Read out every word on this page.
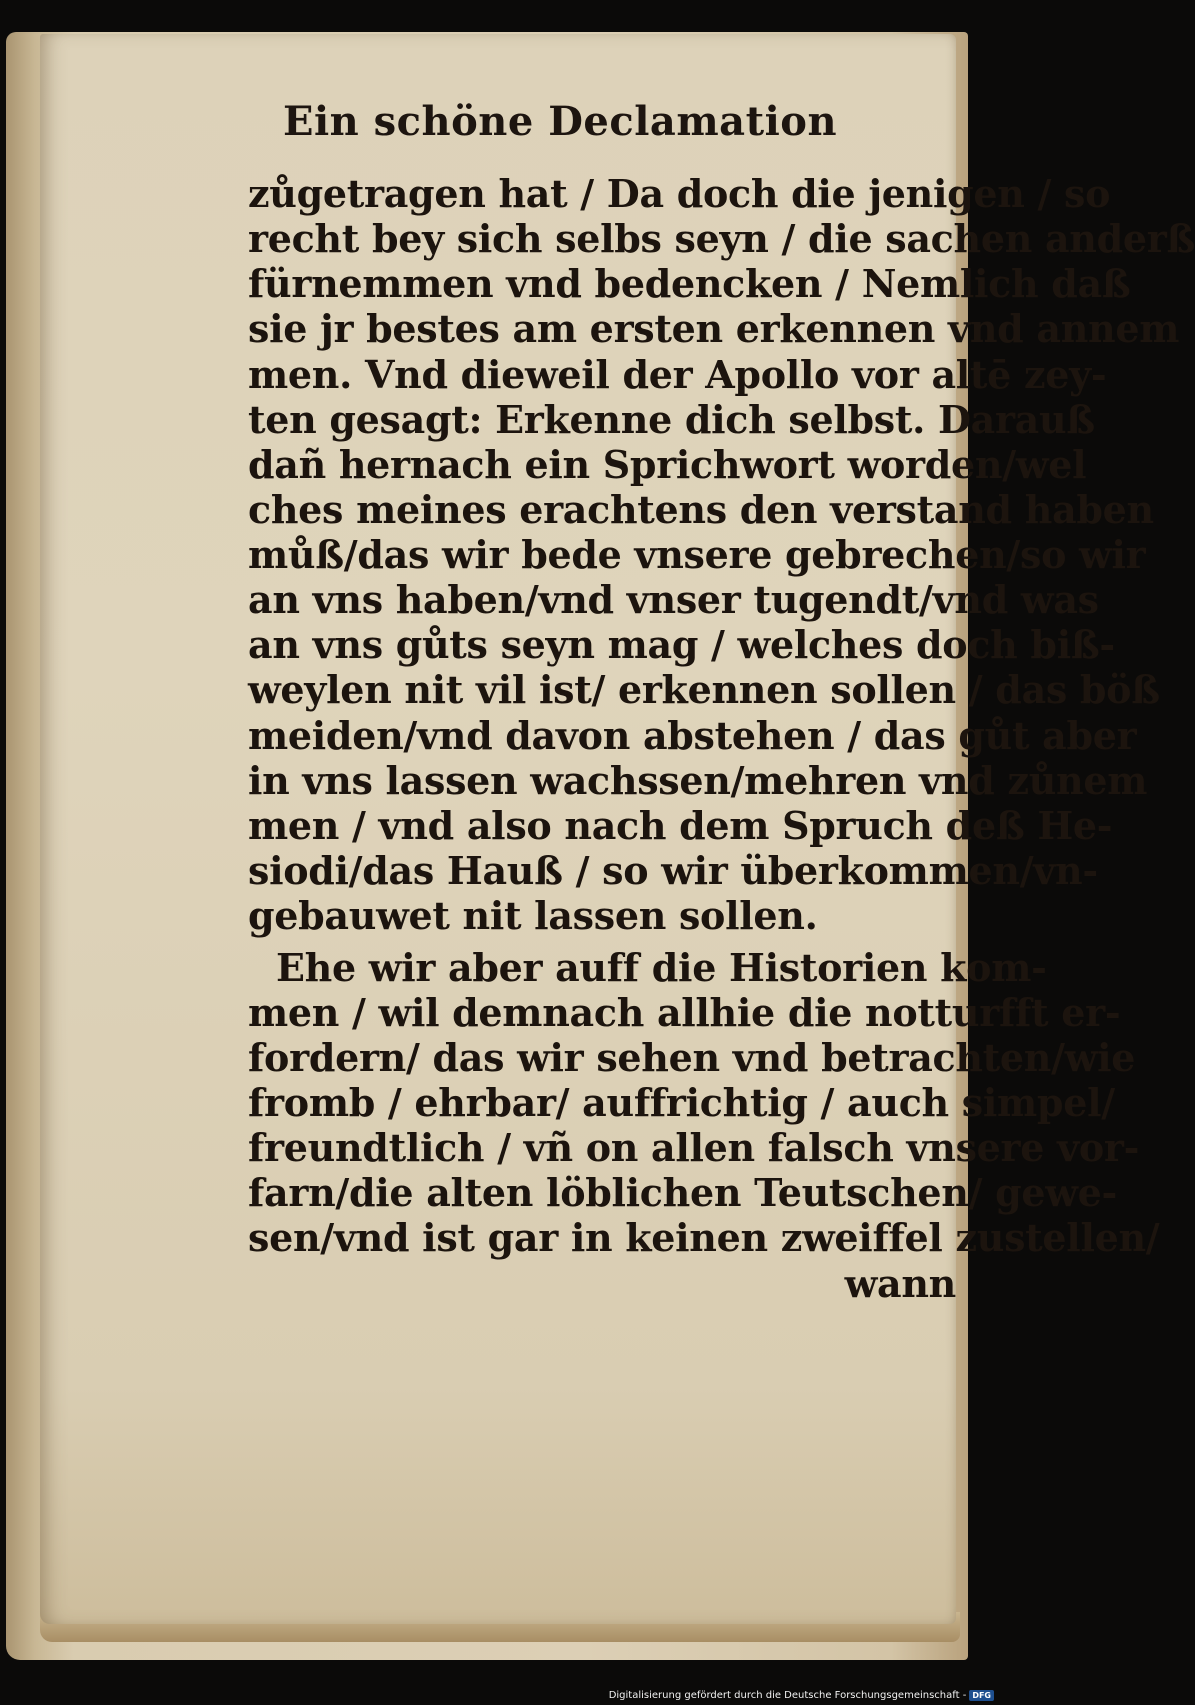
Ein schöne Declamation
zůgetragen hat / Da doch die jenigen / so
recht bey sich selbs seyn / die sachen anderß
fürnemmen vnd bedencken / Nemlich daß
sie jr bestes am ersten erkennen vnd annem
men. Vnd dieweil der Apollo vor altē zey-
ten gesagt: Erkenne dich selbst. Darauß
dañ hernach ein Sprichwort worden/wel
ches meines erachtens den verstand haben
můß/das wir bede vnsere gebrechen/so wir
an vns haben/vnd vnser tugendt/vnd was
an vns gůts seyn mag / welches doch biß-
weylen nit vil ist/ erkennen sollen / das böß
meiden/vnd davon abstehen / das gůt aber
in vns lassen wachssen/mehren vnd zůnem
men / vnd also nach dem Spruch deß He-
siodi/das Hauß / so wir überkommen/vn-
gebauwet nit lassen sollen.
Ehe wir aber auff die Historien kom-
men / wil demnach allhie die notturfft er-
fordern/ das wir sehen vnd betrachten/wie
fromb / ehrbar/ auffrichtig / auch simpel/
freundtlich / vñ on allen falsch vnsere vor-
farn/die alten löblichen Teutschen/ gewe-
sen/vnd ist gar in keinen zweiffel zustellen/
wann
Digitalisierung gefördert durch die Deutsche Forschungsgemeinschaft - DFG
